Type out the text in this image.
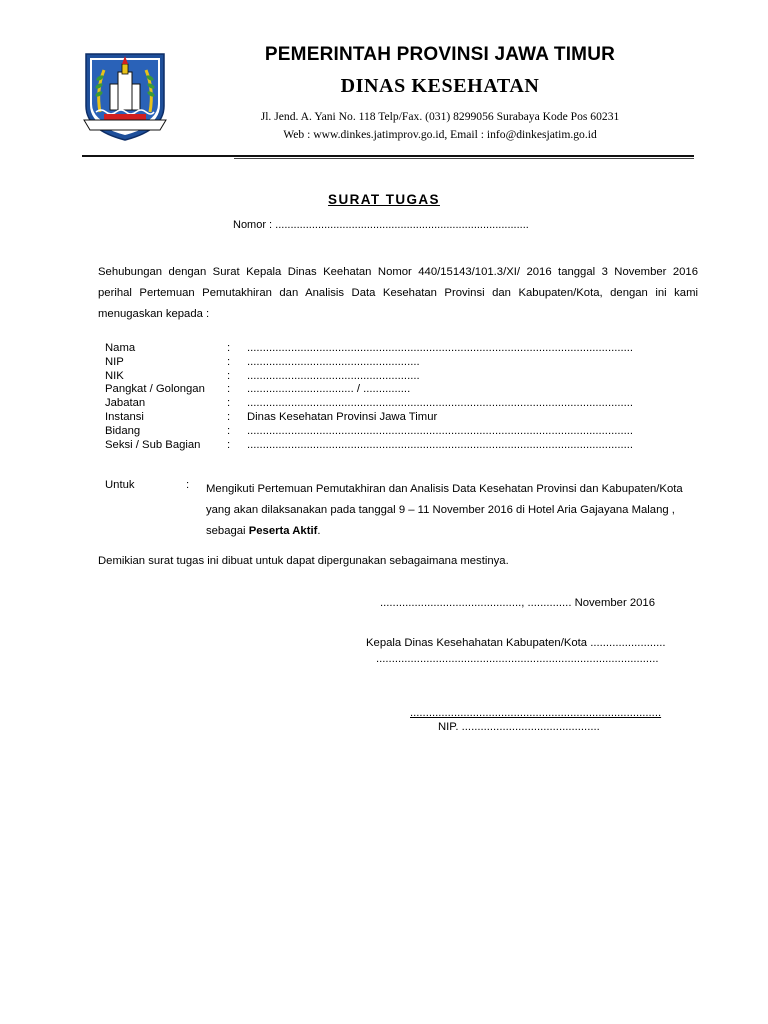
PEMERINTAH PROVINSI JAWA TIMUR
DINAS KESEHATAN
Jl. Jend. A. Yani No. 118 Telp/Fax. (031) 8299056 Surabaya Kode Pos 60231
Web : www.dinkes.jatimprov.go.id, Email : info@dinkesjatim.go.id
SURAT TUGAS
Nomor : ...................................................................................
Sehubungan dengan Surat Kepala Dinas Keehatan Nomor 440/15143/101.3/XI/ 2016 tanggal 3 November 2016
perihal Pertemuan Pemutakhiran dan Analisis Data Kesehatan Provinsi dan Kabupaten/Kota, dengan ini kami
menugaskan kepada :
Nama	: ...........................................................................................................................
NIP	: .......................................................
NIK	: .......................................................
Pangkat / Golongan : .................................. / ...............
Jabatan	: ...........................................................................................................................
Instansi	: Dinas Kesehatan Provinsi Jawa Timur
Bidang	: ...........................................................................................................................
Seksi / Sub Bagian : ...........................................................................................................................
Untuk	: Mengikuti Pertemuan Pemutakhiran dan Analisis Data Kesehatan Provinsi dan Kabupaten/Kota
yang akan dilaksanakan pada tanggal 9 – 11 November 2016 di Hotel Aria Gajayana Malang ,
sebagai Peserta Aktif.
Demikian surat tugas ini dibuat untuk dapat dipergunakan sebagaimana mestinya.
............................................., .............. November 2016
Kepala Dinas Kesehahatan Kabupaten/Kota ........................
..........................................................................................
................................................................................
NIP. ............................................
